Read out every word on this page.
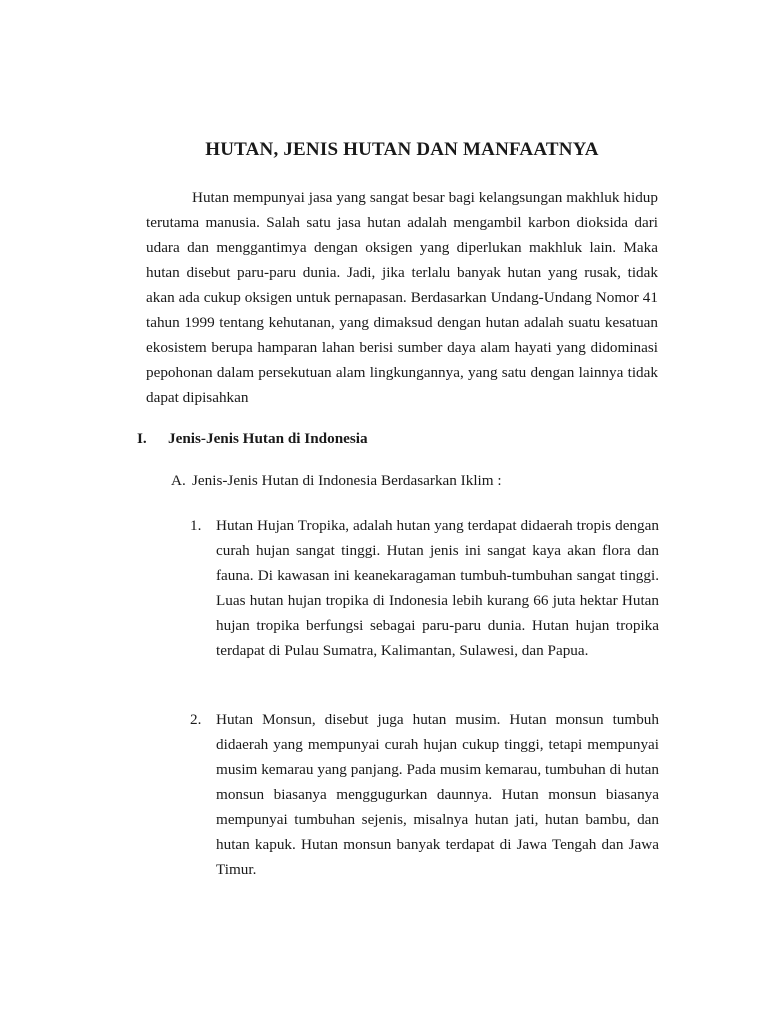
HUTAN, JENIS HUTAN DAN MANFAATNYA

Hutan mempunyai jasa yang sangat besar bagi kelangsungan makhluk hidup terutama manusia. Salah satu jasa hutan adalah mengambil karbon dioksida dari udara dan menggantimya dengan oksigen yang diperlukan makhluk lain. Maka hutan disebut paru-paru dunia. Jadi, jika terlalu banyak hutan yang rusak, tidak akan ada cukup oksigen untuk pernapasan. Berdasarkan Undang-Undang Nomor 41 tahun 1999 tentang kehutanan, yang dimaksud dengan hutan adalah suatu kesatuan ekosistem berupa hamparan lahan berisi sumber daya alam hayati yang didominasi pepohonan dalam persekutuan alam lingkungannya, yang satu dengan lainnya tidak dapat dipisahkan

I. Jenis-Jenis Hutan di Indonesia
A. Jenis-Jenis Hutan di Indonesia Berdasarkan Iklim :
1. Hutan Hujan Tropika, adalah hutan yang terdapat didaerah tropis dengan curah hujan sangat tinggi. Hutan jenis ini sangat kaya akan flora dan fauna. Di kawasan ini keanekaragaman tumbuh-tumbuhan sangat tinggi. Luas hutan hujan tropika di Indonesia lebih kurang 66 juta hektar Hutan hujan tropika berfungsi sebagai paru-paru dunia. Hutan hujan tropika terdapat di Pulau Sumatra, Kalimantan, Sulawesi, dan Papua.

2. Hutan Monsun, disebut juga hutan musim. Hutan monsun tumbuh didaerah yang mempunyai curah hujan cukup tinggi, tetapi mempunyai musim kemarau yang panjang. Pada musim kemarau, tumbuhan di hutan monsun biasanya menggugurkan daunnya. Hutan monsun biasanya mempunyai tumbuhan sejenis, misalnya hutan jati, hutan bambu, dan hutan kapuk. Hutan monsun banyak terdapat di Jawa Tengah dan Jawa Timur.
